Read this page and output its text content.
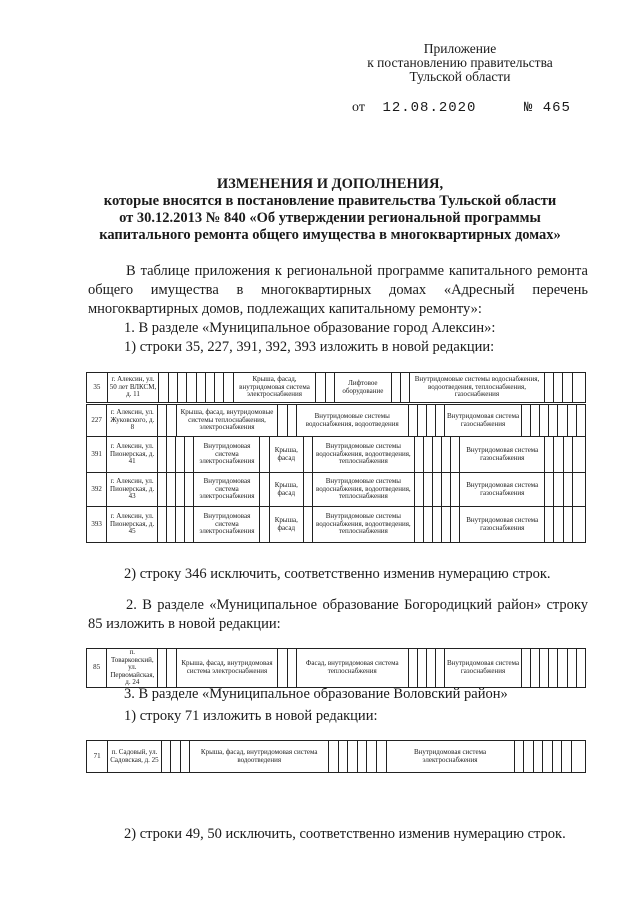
Приложение
к постановлению правительства
Тульской области
от 12.08.2020	№ 465
ИЗМЕНЕНИЯ И ДОПОЛНЕНИЯ,
которые вносятся в постановление правительства Тульской области
от 30.12.2013 № 840 «Об утверждении региональной программы
капитального ремонта общего имущества в многоквартирных домах»
В таблице приложения к региональной программе капитального ремонта общего имущества в многоквартирных домах «Адресный перечень многоквартирных домов, подлежащих капитальному ремонту»:
1. В разделе «Муниципальное образование город Алексин»:
1) строки 35, 227, 391, 392, 393 изложить в новой редакции:
35	г. Алексин, ул. 50 лет ВЛКСМ, д. 11									Крыша, фасад, внутридомовая система электроснабжения			Лифтовое оборудование			Внутридомовые системы водоснабжения, водоотведения, теплоснабжения, газоснабжения				
227	г. Алексин, ул. Жуковского, д. 8			Крыша, фасад, внутридомовые системы теплоснабжения, электроснабжения			Внутридомовые системы водоснабжения, водоотведения					Внутридомовая система газоснабжения							
391	г. Алексин, ул. Пионерская, д. 41					Внутридомовая система электроснабжения		Крыша, фасад		Внутридомовые системы водоснабжения, водоотведения, теплоснабжения						Внутридомовая система газоснабжения				
392	г. Алексин, ул. Пионерская, д. 43					Внутридомовая система электроснабжения		Крыша, фасад		Внутридомовые системы водоснабжения, водоотведения, теплоснабжения						Внутридомовая система газоснабжения				
393	г. Алексин, ул. Пионерская, д. 45					Внутридомовая система электроснабжения		Крыша, фасад		Внутридомовые системы водоснабжения, водоотведения, теплоснабжения						Внутридомовая система газоснабжения				
2) строку 346 исключить, соответственно изменив нумерацию строк.
2. В разделе «Муниципальное образование Богородицкий район» строку 85 изложить в новой редакции:
85	п. Товарковский, ул. Первомайская, д. 24			Крыша, фасад, внутридомовая система электроснабжения			Фасад, внутридомовая система теплоснабжения					Внутридомовая система газоснабжения							
3. В разделе «Муниципальное образование Воловский район»
1) строку 71 изложить в новой редакции:
71	п. Садовый, ул. Садовская, д. 25				Крыша, фасад, внутридомовая система водоотведения							Внутридомовая система электроснабжения							
2) строки 49, 50 исключить, соответственно изменив нумерацию строк.
